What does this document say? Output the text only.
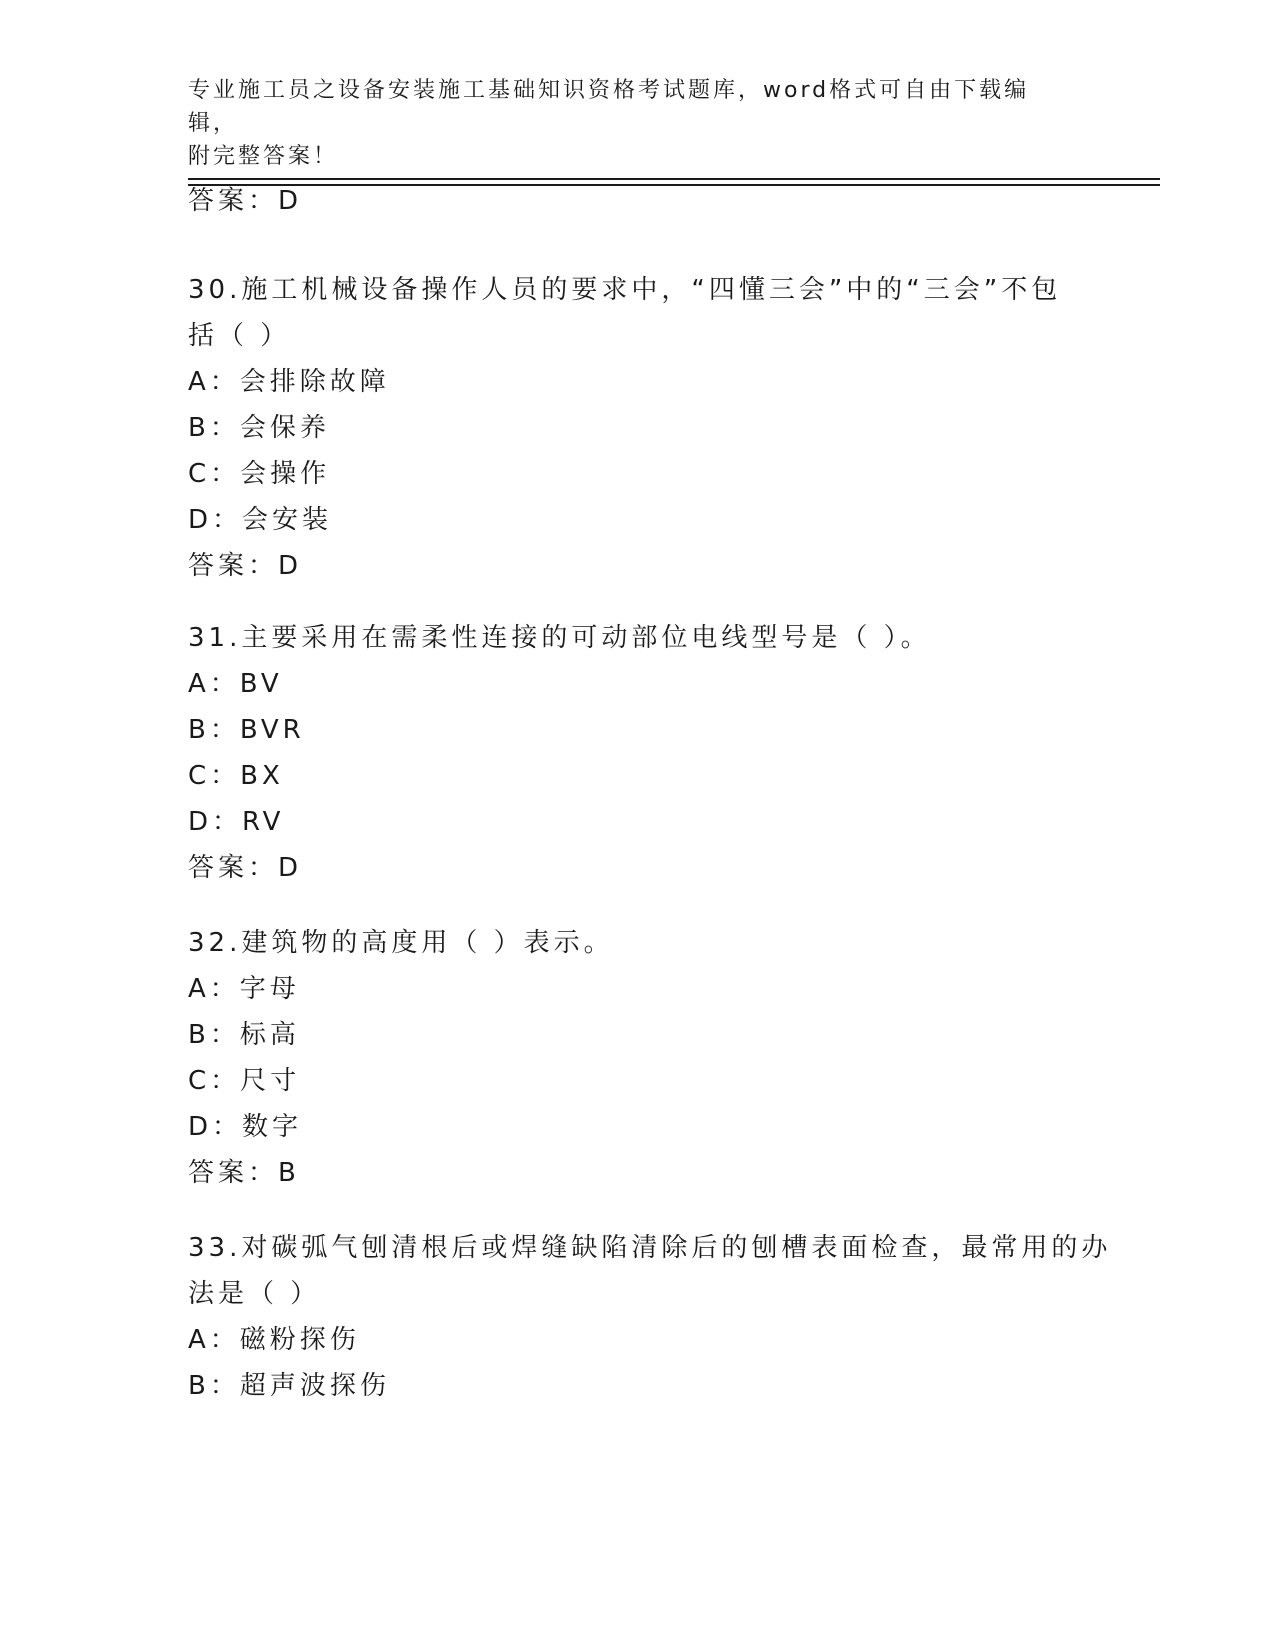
专业施工员之设备安装施工基础知识资格考试题库，word格式可自由下载编辑，
附完整答案！
答案：D
30.施工机械设备操作人员的要求中，“四懂三会”中的“三会”不包
括（ ）
A：会排除故障
B：会保养
C：会操作
D：会安装
答案：D
31.主要采用在需柔性连接的可动部位电线型号是（ ）。
A：BV
B：BVR
C：BX
D：RV
答案：D
32.建筑物的高度用（ ）表示。
A：字母
B：标高
C：尺寸
D：数字
答案：B
33.对碳弧气刨清根后或焊缝缺陷清除后的刨槽表面检查，最常用的办
法是（ ）
A：磁粉探伤
B：超声波探伤
